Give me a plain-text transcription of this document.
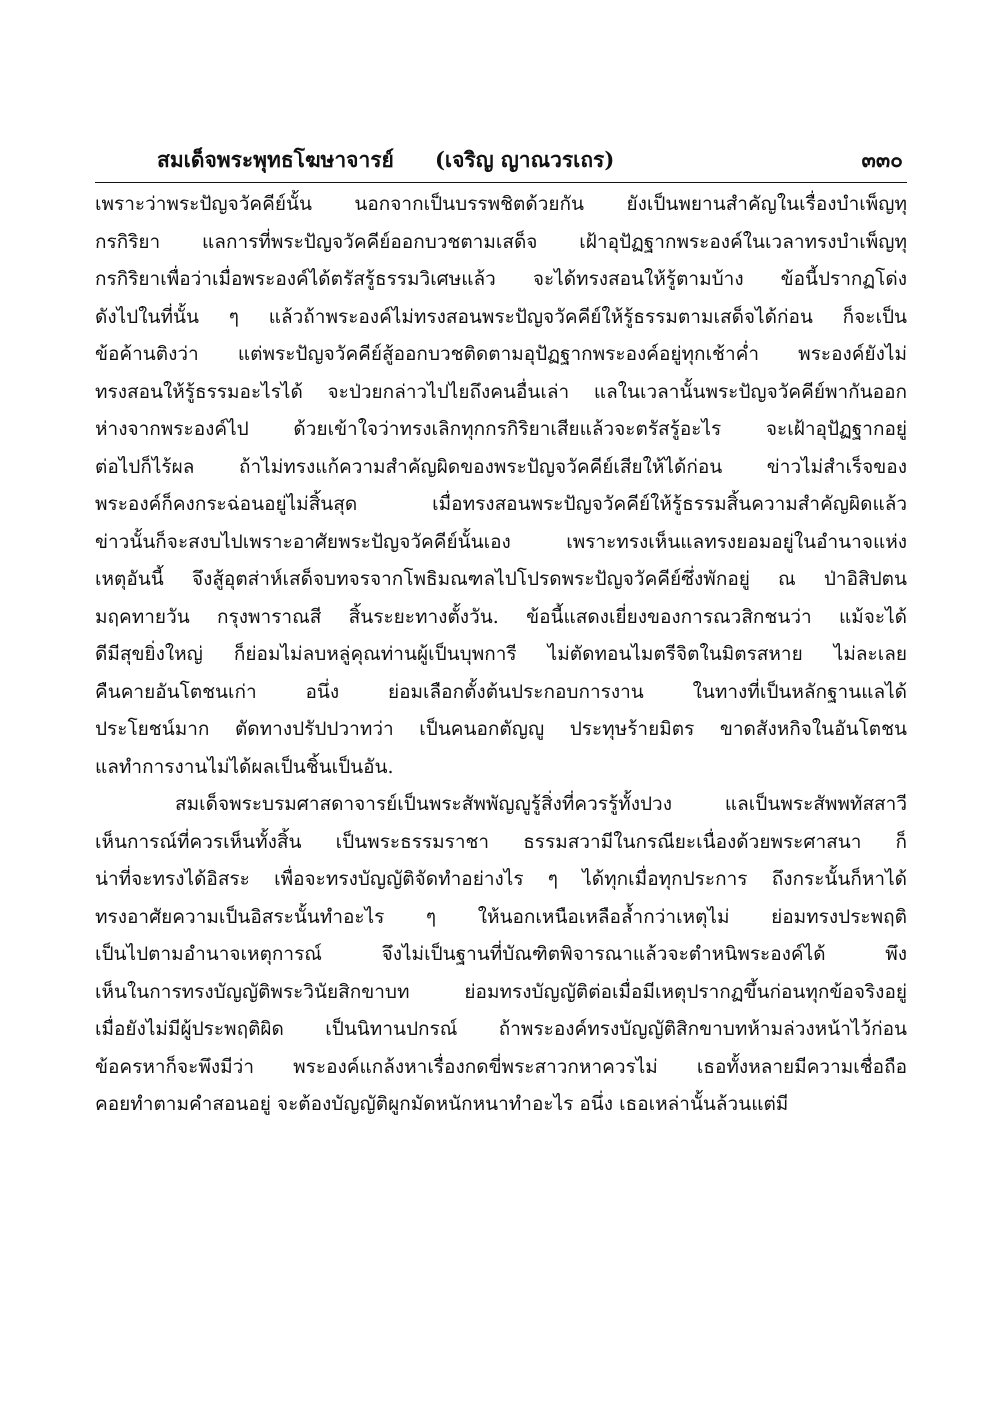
สมเด็จพระพุทธโฆษาจารย์ (เจริญ ญาณวรเถร)	๓๓๐
เพราะว่าพระปัญจวัคคีย์นั้น นอกจากเป็นบรรพชิตด้วยกัน ยังเป็นพยานสำคัญในเรื่องบำเพ็ญทุ
กรกิริยา แลการที่พระปัญจวัคคีย์ออกบวชตามเสด็จ เฝ้าอุปัฏฐากพระองค์ในเวลาทรงบำเพ็ญทุ
กรกิริยาเพื่อว่าเมื่อพระองค์ได้ตรัสรู้ธรรมวิเศษแล้ว จะได้ทรงสอนให้รู้ตามบ้าง ข้อนี้ปรากฏโด่ง
ดังไปในที่นั้น ๆ แล้วถ้าพระองค์ไม่ทรงสอนพระปัญจวัคคีย์ให้รู้ธรรมตามเสด็จได้ก่อน ก็จะเป็น
ข้อค้านติงว่า แต่พระปัญจวัคคีย์สู้ออกบวชติดตามอุปัฏฐากพระองค์อยู่ทุกเช้าค่ำ พระองค์ยังไม่
ทรงสอนให้รู้ธรรมอะไรได้ จะป่วยกล่าวไปไยถึงคนอื่นเล่า แลในเวลานั้นพระปัญจวัคคีย์พากันออก
ห่างจากพระองค์ไป ด้วยเข้าใจว่าทรงเลิกทุกกรกิริยาเสียแล้วจะตรัสรู้อะไร จะเฝ้าอุปัฏฐากอยู่
ต่อไปก็ไร้ผล ถ้าไม่ทรงแก้ความสำคัญผิดของพระปัญจวัคคีย์เสียให้ได้ก่อน ข่าวไม่สำเร็จของ
พระองค์ก็คงกระฉ่อนอยู่ไม่สิ้นสุด เมื่อทรงสอนพระปัญจวัคคีย์ให้รู้ธรรมสิ้นความสำคัญผิดแล้ว
ข่าวนั้นก็จะสงบไปเพราะอาศัยพระปัญจวัคคีย์นั้นเอง เพราะทรงเห็นแลทรงยอมอยู่ในอำนาจแห่ง
เหตุอันนี้ จึงสู้อุตส่าห์เสด็จบทจรจากโพธิมณฑลไปโปรดพระปัญจวัคคีย์ซึ่งพักอยู่ ณ ป่าอิสิปตน
มฤคทายวัน กรุงพาราณสี สิ้นระยะทางตั้งวัน. ข้อนี้แสดงเยี่ยงของการณวสิกชนว่า แม้จะได้
ดีมีสุขยิ่งใหญ่ ก็ย่อมไม่ลบหลู่คุณท่านผู้เป็นบุพการี ไม่ตัดทอนไมตรีจิตในมิตรสหาย ไม่ละเลย
คืนคายอันโตชนเก่า อนึ่ง ย่อมเลือกตั้งต้นประกอบการงาน ในทางที่เป็นหลักฐานแลได้
ประโยชน์มาก ตัดทางปรัปปวาทว่า เป็นคนอกตัญญู ประทุษร้ายมิตร ขาดสังหกิจในอันโตชน
แลทำการงานไม่ได้ผลเป็นชิ้นเป็นอัน.
สมเด็จพระบรมศาสดาจารย์เป็นพระสัพพัญญูรู้สิ่งที่ควรรู้ทั้งปวง แลเป็นพระสัพพทัสสาวี
เห็นการณ์ที่ควรเห็นทั้งสิ้น เป็นพระธรรมราชา ธรรมสวามีในกรณียะเนื่องด้วยพระศาสนา ก็
น่าที่จะทรงได้อิสระ เพื่อจะทรงบัญญัติจัดทำอย่างไร ๆ ได้ทุกเมื่อทุกประการ ถึงกระนั้นก็หาได้
ทรงอาศัยความเป็นอิสระนั้นทำอะไร ๆ ให้นอกเหนือเหลือล้ำกว่าเหตุไม่ ย่อมทรงประพฤติ
เป็นไปตามอำนาจเหตุการณ์ จึงไม่เป็นฐานที่บัณฑิตพิจารณาแล้วจะตำหนิพระองค์ได้ พึง
เห็นในการทรงบัญญัติพระวินัยสิกขาบท ย่อมทรงบัญญัติต่อเมื่อมีเหตุปรากฏขึ้นก่อนทุกข้อจริงอยู่
เมื่อยังไม่มีผู้ประพฤติผิด เป็นนิทานปกรณ์ ถ้าพระองค์ทรงบัญญัติสิกขาบทห้ามล่วงหน้าไว้ก่อน
ข้อครหาก็จะพึงมีว่า พระองค์แกล้งหาเรื่องกดขี่พระสาวกหาควรไม่ เธอทั้งหลายมีความเชื่อถือ
คอยทำตามคำสอนอยู่ จะต้องบัญญัติผูกมัดหนักหนาทำอะไร อนึ่ง เธอเหล่านั้นล้วนแต่มี
